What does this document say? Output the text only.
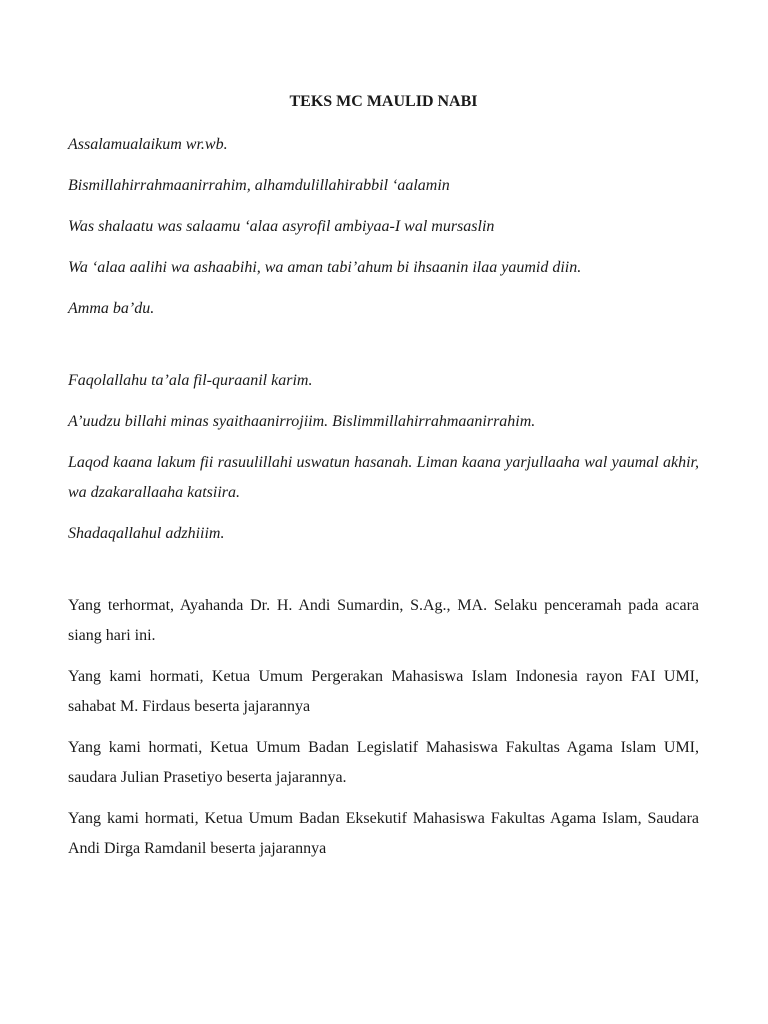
TEKS MC MAULID NABI

Assalamualaikum wr.wb.

Bismillahirrahmaanirrahim, alhamdulillahirabbil ‘aalamin

Was shalaatu was salaamu ‘alaa asyrofil ambiyaa-I wal mursaslin

Wa ‘alaa aalihi wa ashaabihi, wa aman tabi’ahum bi ihsaanin ilaa yaumid diin.

Amma ba’du.

Faqolallahu ta’ala fil-quraanil karim.

A’uudzu billahi minas syaithaanirrojiim. Bislimmillahirrahmaanirrahim.

Laqod kaana lakum fii rasuulillahi uswatun hasanah. Liman kaana yarjullaaha wal yaumal akhir, wa dzakarallaaha katsiira.

Shadaqallahul adzhiiim.

Yang terhormat, Ayahanda Dr. H. Andi Sumardin, S.Ag., MA. Selaku penceramah pada acara siang hari ini.

Yang kami hormati, Ketua Umum Pergerakan Mahasiswa Islam Indonesia rayon FAI UMI, sahabat M. Firdaus beserta jajarannya

Yang kami hormati, Ketua Umum Badan Legislatif Mahasiswa Fakultas Agama Islam UMI, saudara Julian Prasetiyo beserta jajarannya.

Yang kami hormati, Ketua Umum Badan Eksekutif Mahasiswa Fakultas Agama Islam, Saudara Andi Dirga Ramdanil beserta jajarannya
